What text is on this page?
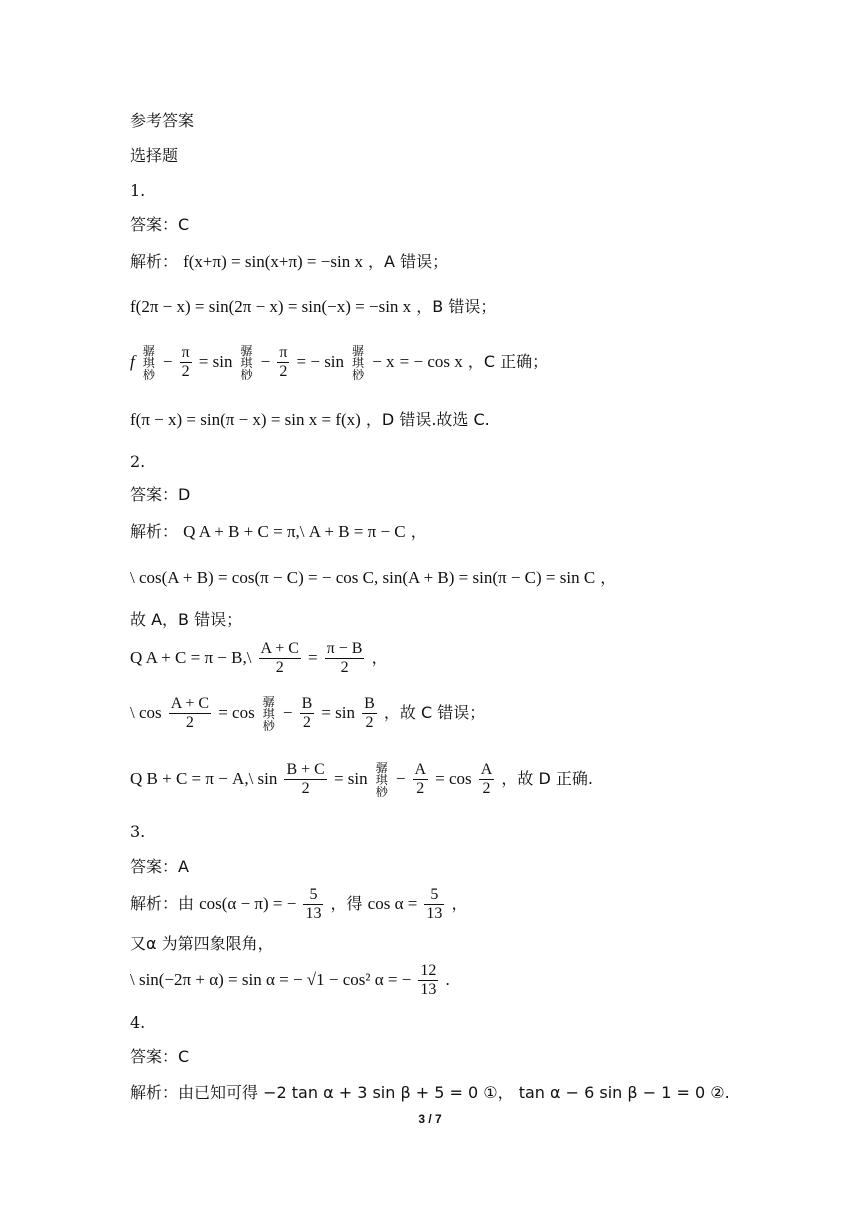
参考答案
选择题
1.
答案：C
解析： f(x+π) = sin(x+π) = −sin x ，A 错误；
f(2π − x) = sin(2π − x) = sin(−x) = −sin x ，B 错误；
f 骣
琪
桫 − $\frac{\pi}{2} = \sin$ 骣
琪
桫 − $\frac{\pi}{2}$ = − sin 骣
琪
桫 − x = − cos x ，C 正确；
f(π − x) = sin(π − x) = sin x = f(x) ，D 错误.故选 C.
2.
答案：D
解析： Q A + B + C = π,\ A + B = π − C ，
\ cos(A + B) = cos(π − C) = − cos C, sin(A + B) = sin(π − C) = sin C ，
故 A，B 错误；
Q A + C = π − B,\ $\frac{A + C}{2} = \frac{\pi - B}{2}$ ，
\ $\cos \frac{A + C}{2} = \cos$ 骣
琪
桫 − $\frac{B}{2} = \sin \frac{B}{2}$ ，故 C 错误；
Q B + C = π − A,\ $\sin \frac{B + C}{2} = \sin$ 骣
琪
桫 − $\frac{A}{2} = \cos \frac{A}{2}$ ，故 D 正确.
3.
答案：A
解析：由 cos(α − π) = − $\frac{5}{13}$ ，得 $\cos \alpha = \frac{5}{13}$ ，
又α 为第四象限角，
\ sin(−2π + α) = sin α = − √1 − cos² α = − $\frac{12}{13}$ .
4.
答案：C
解析：由已知可得 −2 tan α + 3 sin β + 5 = 0 ①， tan α − 6 sin β − 1 = 0 ②.
3 / 7
